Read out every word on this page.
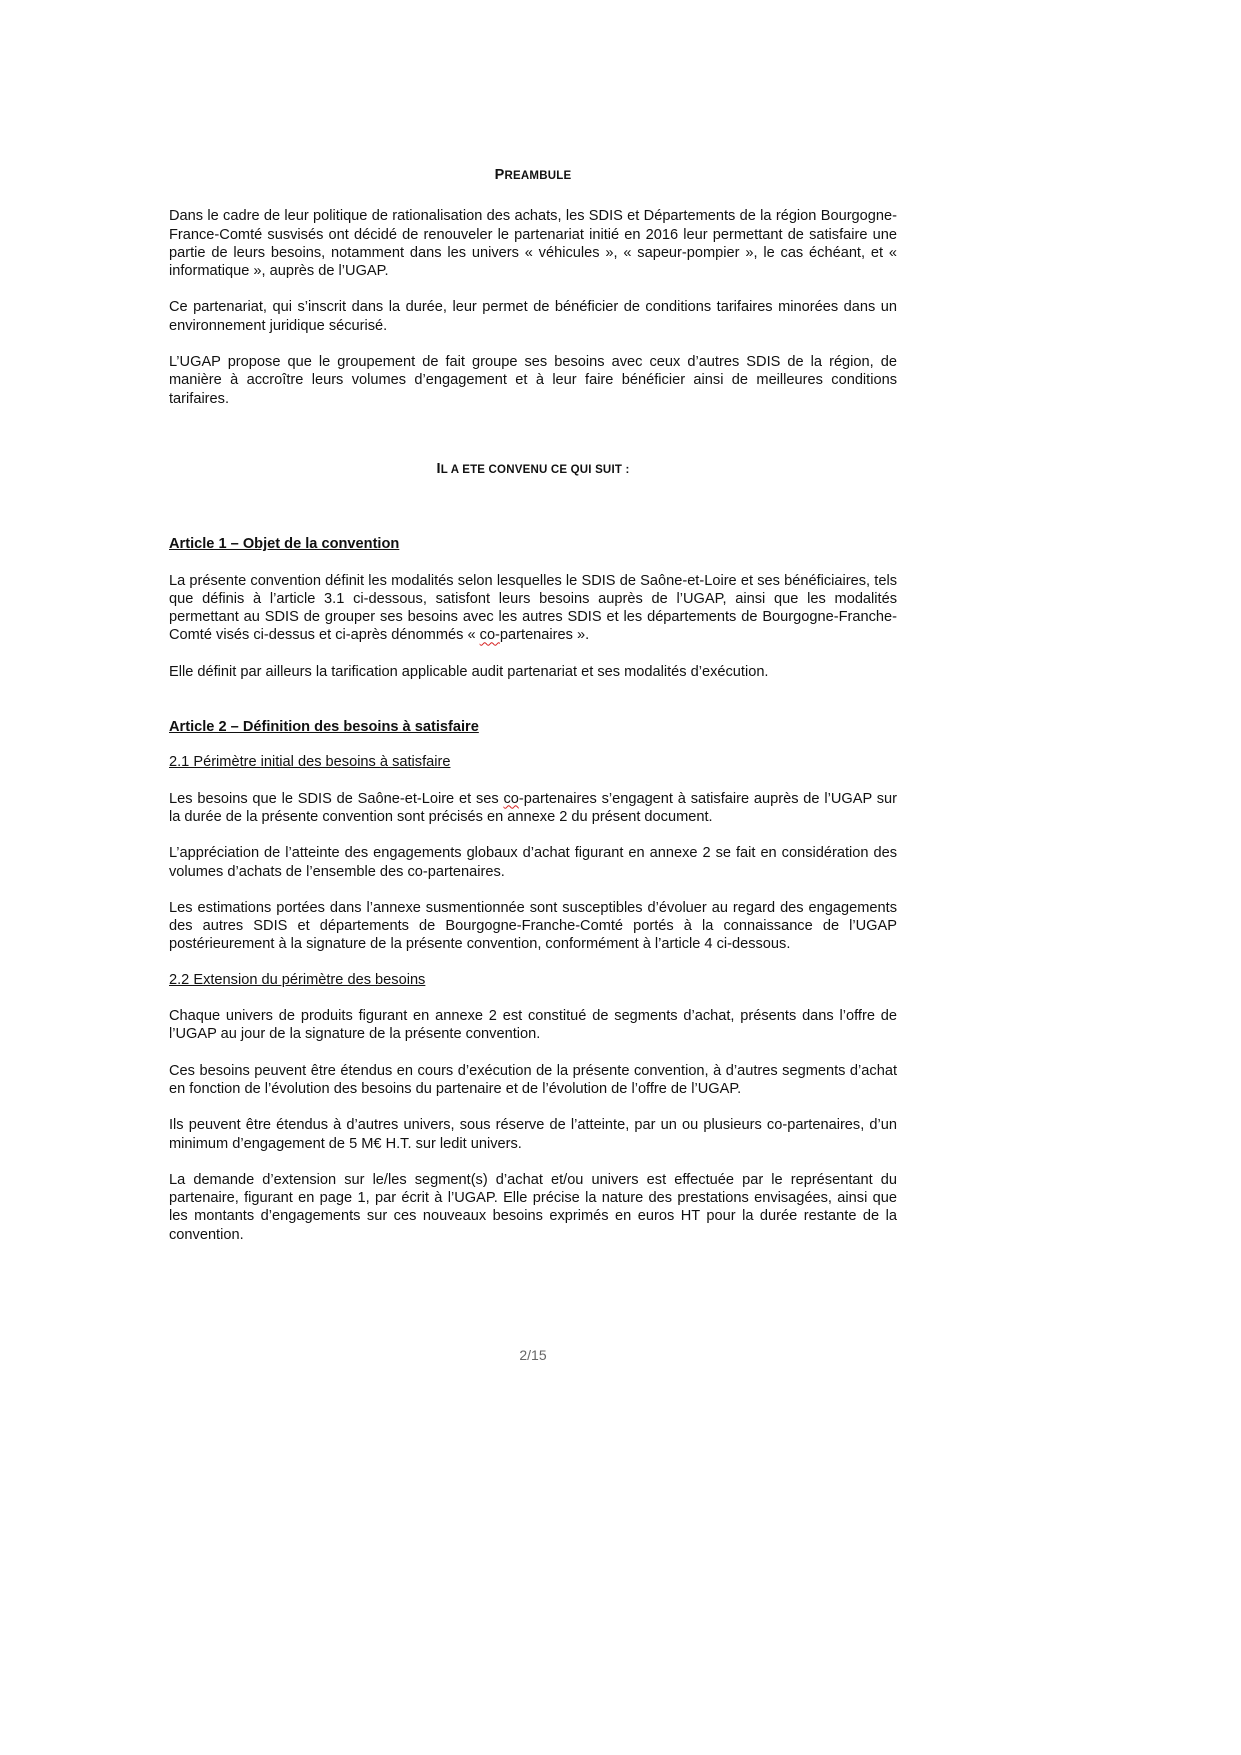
PREAMBULE

Dans le cadre de leur politique de rationalisation des achats, les SDIS et Départements de la région Bourgogne-France-Comté susvisés ont décidé de renouveler le partenariat initié en 2016 leur permettant de satisfaire une partie de leurs besoins, notamment dans les univers « véhicules », « sapeur-pompier », le cas échéant, et « informatique », auprès de l’UGAP.

Ce partenariat, qui s’inscrit dans la durée, leur permet de bénéficier de conditions tarifaires minorées dans un environnement juridique sécurisé.

L’UGAP propose que le groupement de fait groupe ses besoins avec ceux d’autres SDIS de la région, de manière à accroître leurs volumes d’engagement et à leur faire bénéficier ainsi de meilleures conditions tarifaires.

IL A ETE CONVENU CE QUI SUIT :
Article 1 – Objet de la convention

La présente convention définit les modalités selon lesquelles le SDIS de Saône-et-Loire et ses bénéficiaires, tels que définis à l’article 3.1 ci-dessous, satisfont leurs besoins auprès de l’UGAP, ainsi que les modalités permettant au SDIS de grouper ses besoins avec les autres SDIS et les départements de Bourgogne-Franche-Comté visés ci-dessus et ci-après dénommés « co-partenaires ».

Elle définit par ailleurs la tarification applicable audit partenariat et ses modalités d’exécution.

Article 2 – Définition des besoins à satisfaire
2.1 Périmètre initial des besoins à satisfaire

Les besoins que le SDIS de Saône-et-Loire et ses co-partenaires s’engagent à satisfaire auprès de l’UGAP sur la durée de la présente convention sont précisés en annexe 2 du présent document.

L’appréciation de l’atteinte des engagements globaux d’achat figurant en annexe 2 se fait en considération des volumes d’achats de l’ensemble des co-partenaires.

Les estimations portées dans l’annexe susmentionnée sont susceptibles d’évoluer au regard des engagements des autres SDIS et départements de Bourgogne-Franche-Comté portés à la connaissance de l’UGAP postérieurement à la signature de la présente convention, conformément à l’article 4 ci-dessous.

2.2 Extension du périmètre des besoins

Chaque univers de produits figurant en annexe 2 est constitué de segments d’achat, présents dans l’offre de l’UGAP au jour de la signature de la présente convention.

Ces besoins peuvent être étendus en cours d’exécution de la présente convention, à d’autres segments d’achat en fonction de l’évolution des besoins du partenaire et de l’évolution de l’offre de l’UGAP.

Ils peuvent être étendus à d’autres univers, sous réserve de l’atteinte, par un ou plusieurs co-partenaires, d’un minimum d’engagement de 5 M€ H.T. sur ledit univers.

La demande d’extension sur le/les segment(s) d’achat et/ou univers est effectuée par le représentant du partenaire, figurant en page 1, par écrit à l’UGAP. Elle précise la nature des prestations envisagées, ainsi que les montants d’engagements sur ces nouveaux besoins exprimés en euros HT pour la durée restante de la convention.

2/15
